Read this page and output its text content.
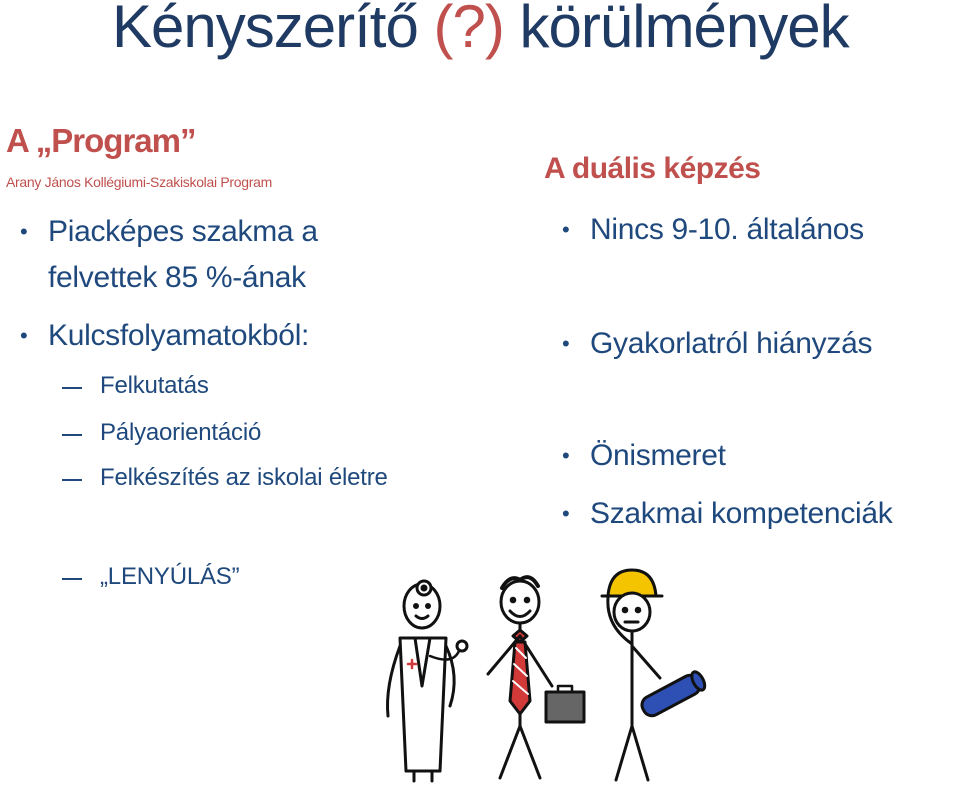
Kényszerítő (?) körülmények
A „Program”

Arany János Kollégiumi-Szakiskolai Program

• Piacképes szakma a
felvettek 85 %-ának
• Kulcsfolyamatokból:
Felkutatás
Pályaorientáció
Felkészítés az iskolai életre
„LENYÚLÁS”
A duális képzés
• Nincs 9-10. általános
• Gyakorlatról hiányzás
• Önismeret
• Szakmai kompetenciák
